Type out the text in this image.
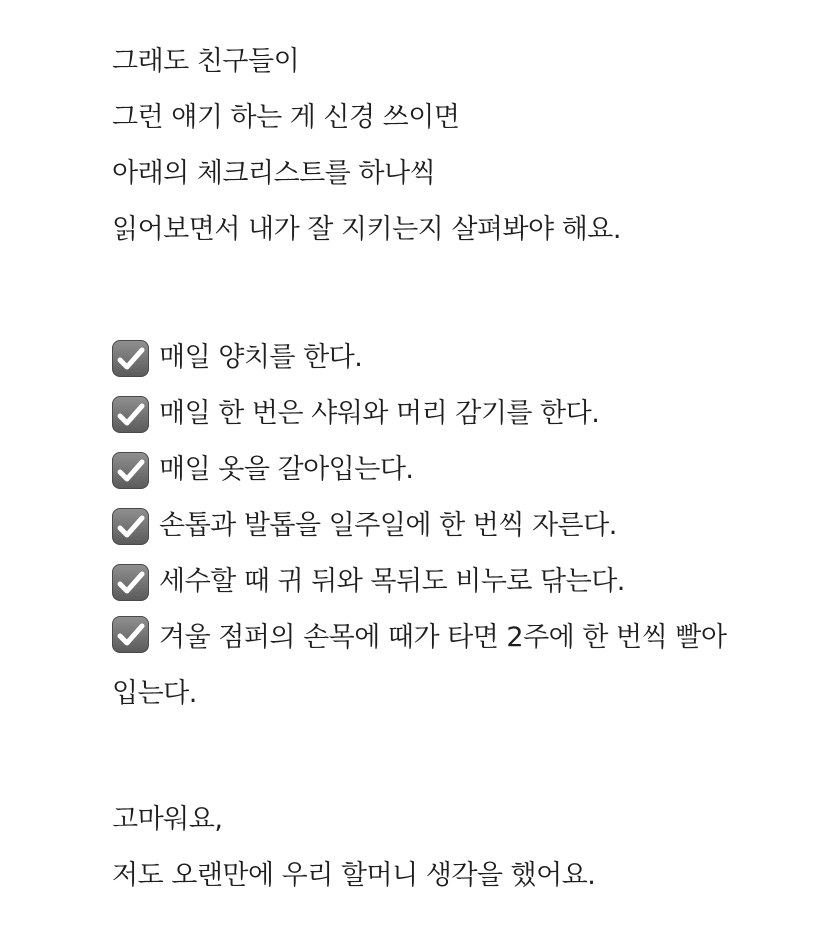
그래도 친구들이
그런 얘기 하는 게 신경 쓰이면
아래의 체크리스트를 하나씩
읽어보면서 내가 잘 지키는지 살펴봐야 해요.
매일 양치를 한다.
매일 한 번은 샤워와 머리 감기를 한다.
매일 옷을 갈아입는다.
손톱과 발톱을 일주일에 한 번씩 자른다.
세수할 때 귀 뒤와 목뒤도 비누로 닦는다.
겨울 점퍼의 손목에 때가 타면 2주에 한 번씩 빨아 입는다.
고마워요,
저도 오랜만에 우리 할머니 생각을 했어요.
